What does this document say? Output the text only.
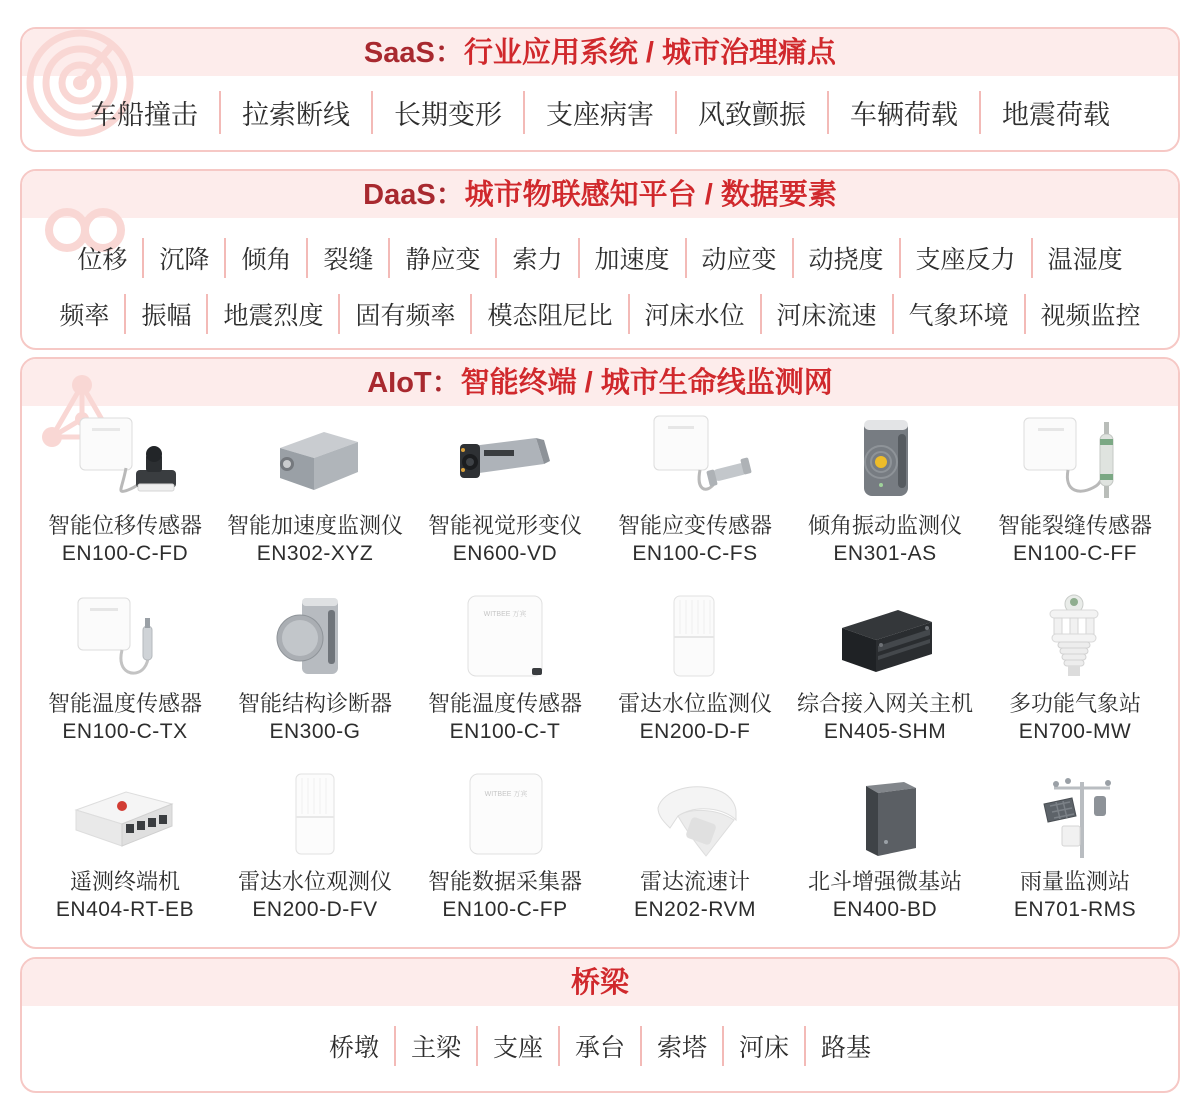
SaaS：行业应用系统 / 城市治理痛点
车船撞击	拉索断线	长期变形	支座病害	风致颤振	车辆荷载	地震荷载
DaaS：城市物联感知平台 / 数据要素
位移	沉降	倾角	裂缝	静应变	索力	加速度	动应变	动挠度	支座反力	温湿度
频率	振幅	地震烈度	固有频率	模态阻尼比	河床水位	河床流速	气象环境	视频监控
AIoT：智能终端 / 城市生命线监测网
智能位移传感器
EN100-C-FD
智能加速度监测仪
EN302-XYZ
智能视觉形变仪
EN600-VD
智能应变传感器
EN100-C-FS
倾角振动监测仪
EN301-AS
智能裂缝传感器
EN100-C-FF
智能温度传感器
EN100-C-TX
智能结构诊断器
EN300-G
WITBEE 万宾
智能温度传感器
EN100-C-T
雷达水位监测仪
EN200-D-F
综合接入网关主机
EN405-SHM
多功能气象站
EN700-MW
遥测终端机
EN404-RT-EB
雷达水位观测仪
EN200-D-FV
WITBEE 万宾
智能数据采集器
EN100-C-FP
雷达流速计
EN202-RVM
北斗增强微基站
EN400-BD
雨量监测站
EN701-RMS
桥梁
桥墩	主梁	支座	承台	索塔	河床	路基
